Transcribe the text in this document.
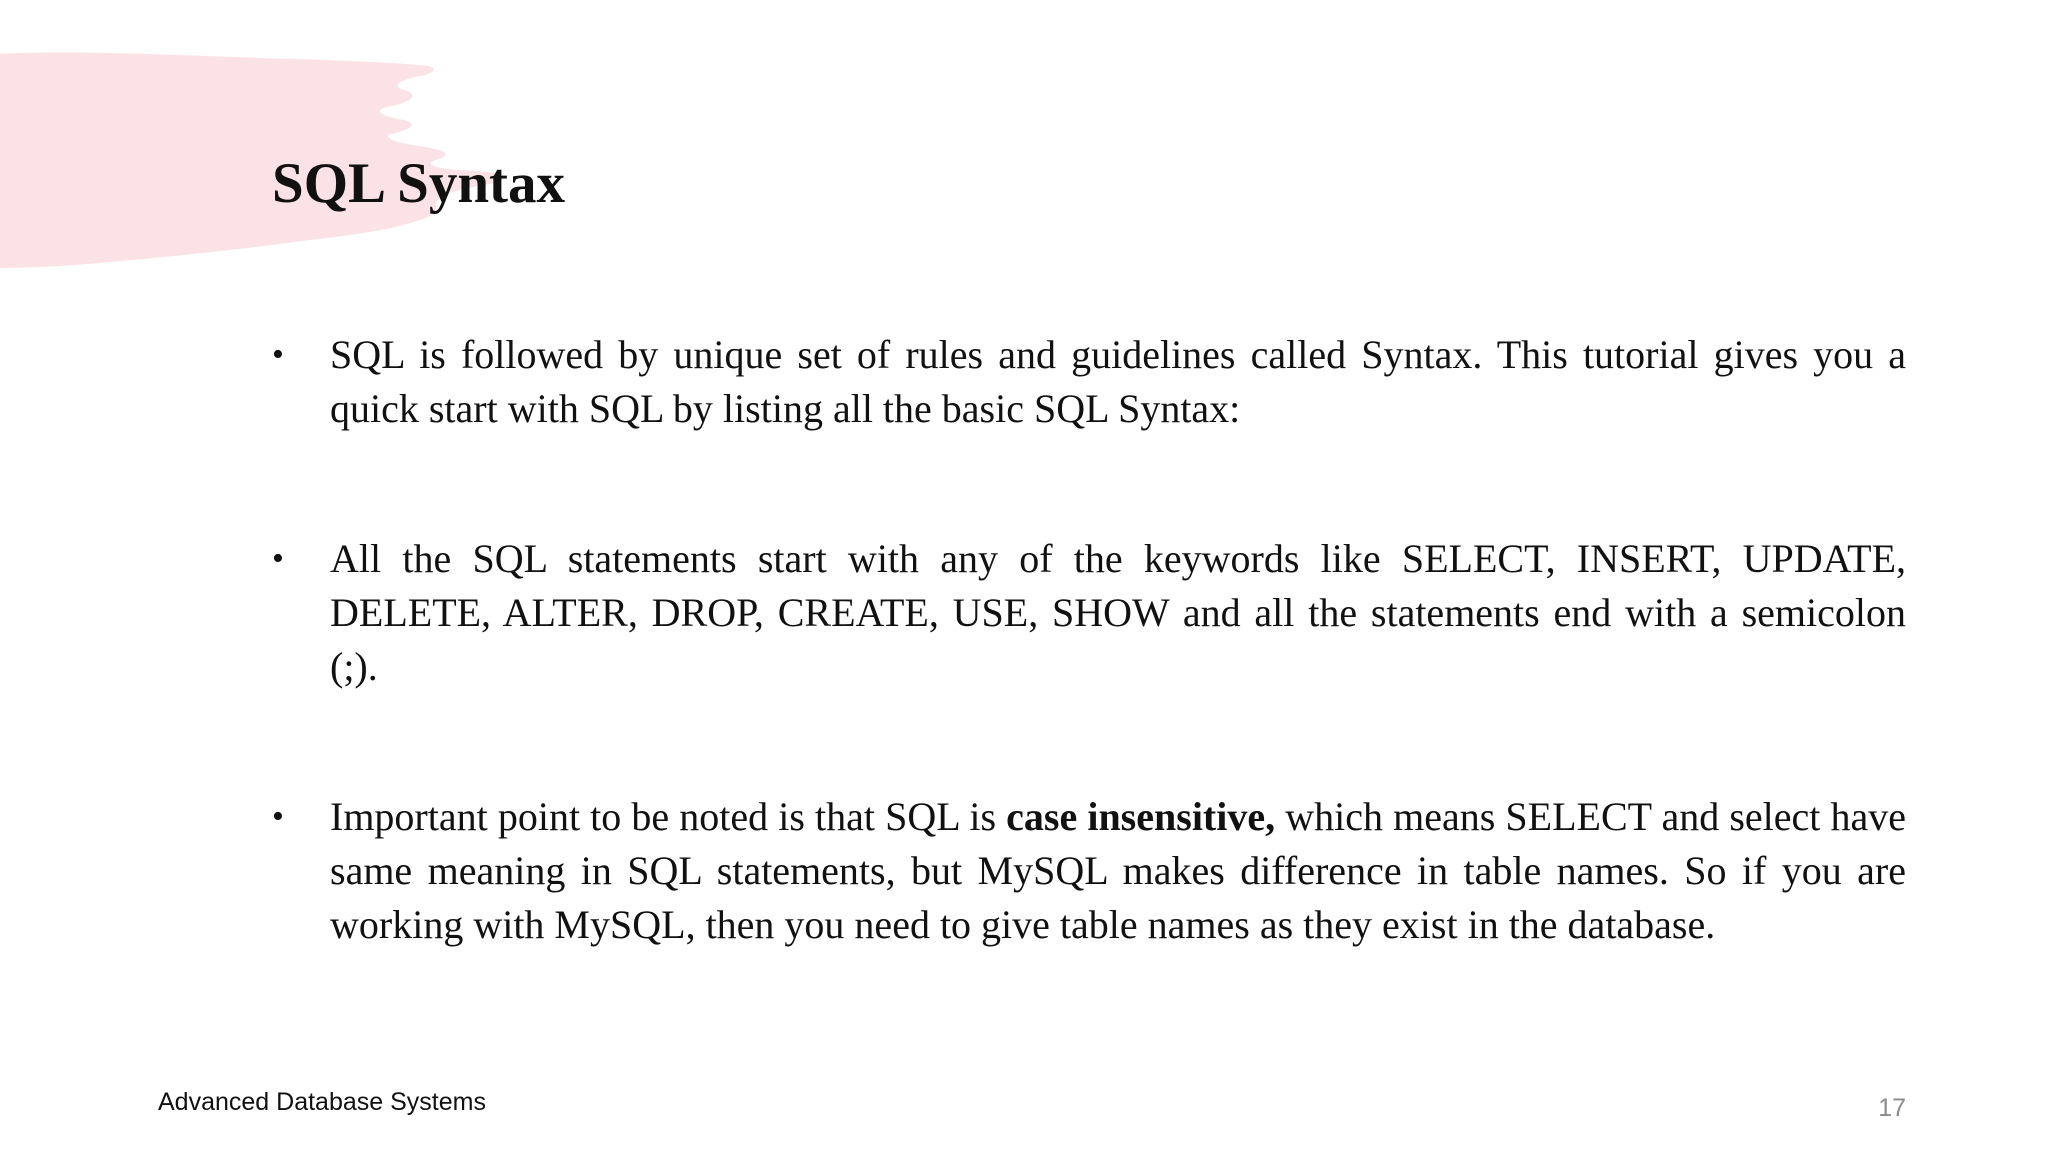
SQL Syntax
•	SQL is followed by unique set of rules and guidelines called Syntax. This tutorial gives you a quick start with SQL by listing all the basic SQL Syntax:
•	All the SQL statements start with any of the keywords like SELECT, INSERT, UPDATE, DELETE, ALTER, DROP, CREATE, USE, SHOW and all the statements end with a semicolon (;).
•	Important point to be noted is that SQL is case insensitive, which means SELECT and select have same meaning in SQL statements, but MySQL makes difference in table names. So if you are working with MySQL, then you need to give table names as they exist in the database.
Advanced Database Systems	17
